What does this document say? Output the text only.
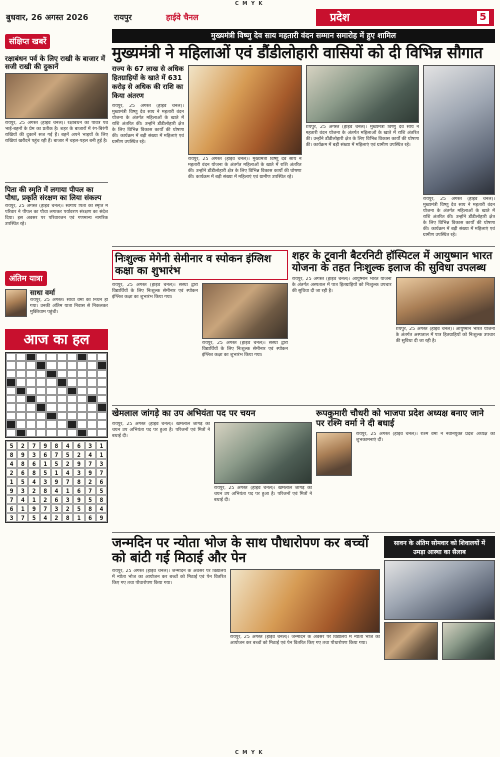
C M Y K
बुधवार, 26 अगस्त 2026	रायपुर	हाईवे चैनल	प्रदेश	5
संक्षिप्त खबरें
रक्षाबंधन पर्व के लिए राखी के बाजार में सजी राखी की दुकानें
रायपुर, 25 अगस्त (हाईवे चैनल)। रक्षाबंधन का पवित्र पर्व भाई-बहनों के प्रेम का प्रतीक है। शहर के बाजारों में रंग-बिरंगी राखियों की दुकानें सज गई हैं। बहनें अपने भाइयों के लिए राखियां खरीदने पहुंच रही हैं। बाजार में चहल-पहल बनी हुई है।
पिता की स्मृति में लगाया पीपल का पौधा, प्रकृति संरक्षण का लिया संकल्प
रायपुर, 25 अगस्त (हाईवे चैनल)। स्वर्गीय पिता की स्मृति में परिवार ने पीपल का पौधा लगाकर पर्यावरण संरक्षण का संदेश दिया। इस अवसर पर परिवारजन एवं गणमान्य नागरिक उपस्थित रहे।
अंतिम यात्रा
साधा वर्मा
रायपुर, 25 अगस्त। साधा वर्मा का निधन हो गया। उनकी अंतिम यात्रा निवास से निकलकर मुक्तिधाम पहुंची।
आज का हल
5	2	7	9	8	4	6	3	1
8	9	3	6	7	5	2	4	1
4	8	6	1	5	2	9	7	3
2	6	8	5	1	4	3	9	7
1	5	4	3	9	7	8	2	6
9	3	2	8	4	1	6	7	5
7	4	1	2	6	3	9	5	8
6	1	9	7	3	2	5	8	4
3	7	5	4	2	8	1	6	9
मुख्यमंत्री विष्णु देव साय महतारी वंदन सम्मान समारोह में हुए शामिल
मुख्यमंत्री ने महिलाओं एवं डौंडीलोहारी वासियों को दी विभिन्न सौगात
राज्य के 67 लाख से अधिक हितग्राहियों के खाते में 631 करोड़ से अधिक की राशि का किया अंतरण
रायपुर, 25 अगस्त (हाईवे चैनल)। मुख्यमंत्री विष्णु देव साय ने महतारी वंदन योजना के अंतर्गत महिलाओं के खाते में राशि अंतरित की। उन्होंने डौंडीलोहारी क्षेत्र के लिए विभिन्न विकास कार्यों की घोषणा की। कार्यक्रम में बड़ी संख्या में महिलाएं एवं ग्रामीण उपस्थित रहे।
रायपुर, 25 अगस्त (हाईवे चैनल)। मुख्यमंत्री विष्णु देव साय ने महतारी वंदन योजना के अंतर्गत महिलाओं के खाते में राशि अंतरित की। उन्होंने डौंडीलोहारी क्षेत्र के लिए विभिन्न विकास कार्यों की घोषणा की। कार्यक्रम में बड़ी संख्या में महिलाएं एवं ग्रामीण उपस्थित रहे।
रायपुर, 25 अगस्त (हाईवे चैनल)। मुख्यमंत्री विष्णु देव साय ने महतारी वंदन योजना के अंतर्गत महिलाओं के खाते में राशि अंतरित की। उन्होंने डौंडीलोहारी क्षेत्र के लिए विभिन्न विकास कार्यों की घोषणा की। कार्यक्रम में बड़ी संख्या में महिलाएं एवं ग्रामीण उपस्थित रहे।
रायपुर, 25 अगस्त (हाईवे चैनल)। मुख्यमंत्री विष्णु देव साय ने महतारी वंदन योजना के अंतर्गत महिलाओं के खाते में राशि अंतरित की। उन्होंने डौंडीलोहारी क्षेत्र के लिए विभिन्न विकास कार्यों की घोषणा की। कार्यक्रम में बड़ी संख्या में महिलाएं एवं ग्रामीण उपस्थित रहे।
निःशुल्क मेगेनी सेमीनार व स्पोकन इंग्लिश कक्षा का शुभारंभ
रायपुर, 25 अगस्त (हाईवे चैनल)। संस्था द्वारा विद्यार्थियों के लिए निःशुल्क सेमीनार एवं स्पोकन इंग्लिश कक्षा का शुभारंभ किया गया।
रायपुर, 25 अगस्त (हाईवे चैनल)। संस्था द्वारा विद्यार्थियों के लिए निःशुल्क सेमीनार एवं स्पोकन इंग्लिश कक्षा का शुभारंभ किया गया।
शहर के टूवानी बैटरनिटी हॉस्पिटल में आयुष्मान भारत योजना के तहत निःशुल्क इलाज की सुविधा उपलब्ध
रायपुर, 25 अगस्त (हाईवे चैनल)। आयुष्मान भारत योजना के अंतर्गत अस्पताल में पात्र हितग्राहियों को निःशुल्क उपचार की सुविधा दी जा रही है।
रायपुर, 25 अगस्त (हाईवे चैनल)। आयुष्मान भारत योजना के अंतर्गत अस्पताल में पात्र हितग्राहियों को निःशुल्क उपचार की सुविधा दी जा रही है।
खेमलाल जांगड़े का उप अभियंता पद पर चयन
रायपुर, 25 अगस्त (हाईवे चैनल)। खेमलाल जांगड़े का चयन उप अभियंता पद पर हुआ है। परिजनों एवं मित्रों ने बधाई दी।
रायपुर, 25 अगस्त (हाईवे चैनल)। खेमलाल जांगड़े का चयन उप अभियंता पद पर हुआ है। परिजनों एवं मित्रों ने बधाई दी।
रूपकुमारी चौधरी को भाजपा प्रदेश अध्यक्ष बनाए जाने पर रश्मि वर्मा ने दी बधाई
रायपुर, 25 अगस्त (हाईवे चैनल)। रश्मि वर्मा ने नवनियुक्त प्रदेश अध्यक्ष को शुभकामनाएं दीं।
जन्मदिन पर न्योता भोज के साथ पौधारोपण कर बच्चों को बांटी गई मिठाई और पेन
रायपुर, 25 अगस्त (हाईवे चैनल)। जन्मदिन के अवसर पर विद्यालय में न्योता भोज का आयोजन कर बच्चों को मिठाई एवं पेन वितरित किए गए तथा पौधारोपण किया गया।
रायपुर, 25 अगस्त (हाईवे चैनल)। जन्मदिन के अवसर पर विद्यालय में न्योता भोज का आयोजन कर बच्चों को मिठाई एवं पेन वितरित किए गए तथा पौधारोपण किया गया।
सावन के अंतिम सोमवार को शिवालयों में उमड़ा आस्था का सैलाब
C M Y K
